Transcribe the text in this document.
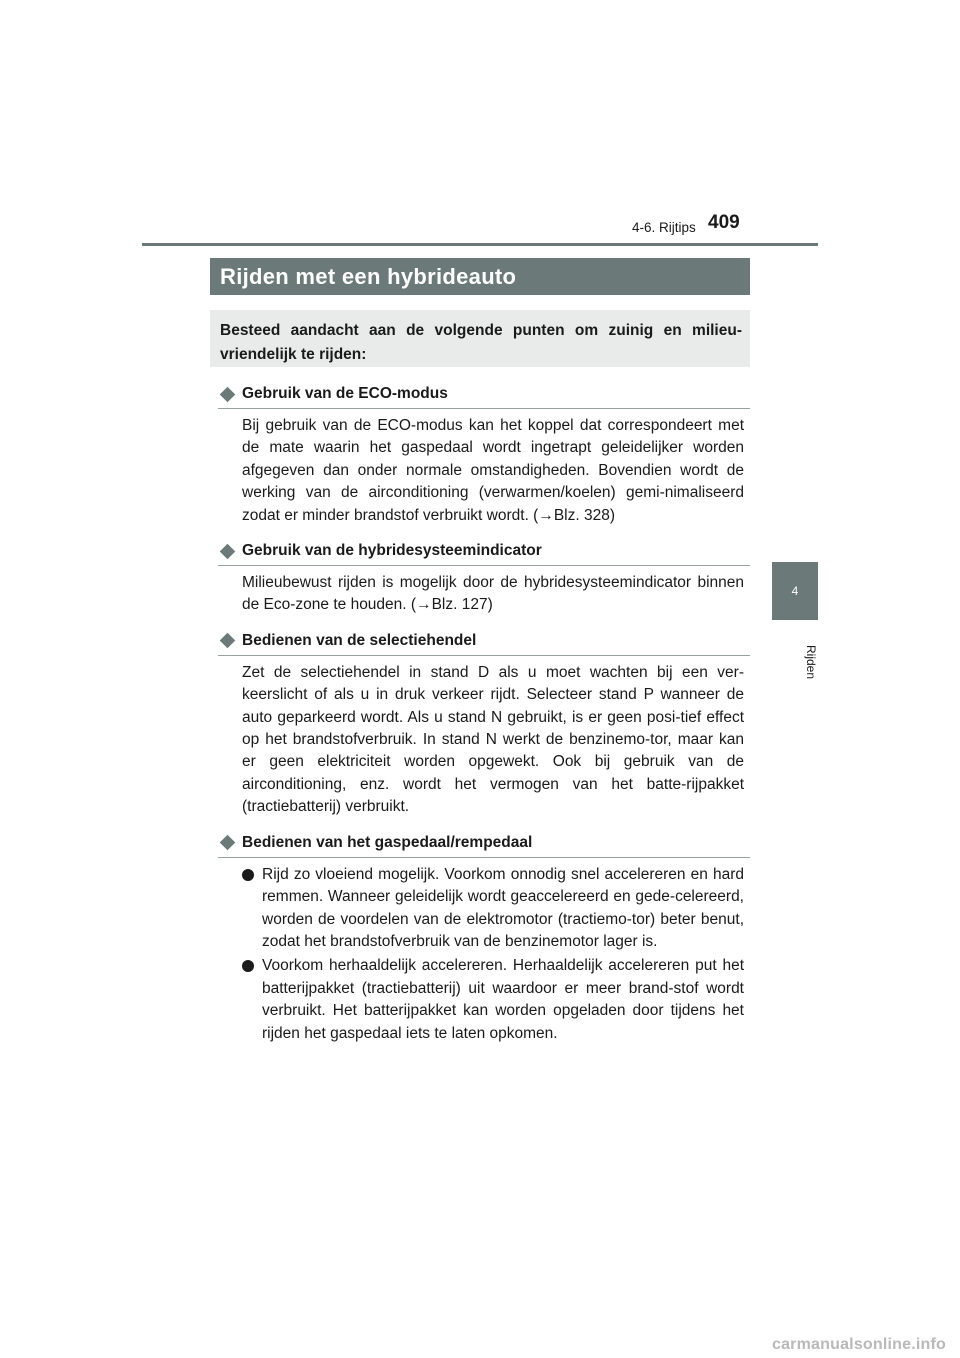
4-6. Rijtips 409
4
Rijden
Rijden met een hybrideauto
Besteed aandacht aan de volgende punten om zuinig en milieu-vriendelijk te rijden:
Gebruik van de ECO-modus

Bij gebruik van de ECO-modus kan het koppel dat correspondeert met de mate waarin het gaspedaal wordt ingetrapt geleidelijker worden afgegeven dan onder normale omstandigheden. Bovendien wordt de werking van de airconditioning (verwarmen/koelen) gemi-nimaliseerd zodat er minder brandstof verbruikt wordt. (→Blz. 328)

Gebruik van de hybridesysteemindicator

Milieubewust rijden is mogelijk door de hybridesysteemindicator binnen de Eco-zone te houden. (→Blz. 127)

Bedienen van de selectiehendel

Zet de selectiehendel in stand D als u moet wachten bij een ver-keerslicht of als u in druk verkeer rijdt. Selecteer stand P wanneer de auto geparkeerd wordt. Als u stand N gebruikt, is er geen posi-tief effect op het brandstofverbruik. In stand N werkt de benzinemo-tor, maar kan er geen elektriciteit worden opgewekt. Ook bij gebruik van de airconditioning, enz. wordt het vermogen van het batte-rijpakket (tractiebatterij) verbruikt.

Bedienen van het gaspedaal/rempedaal
Rijd zo vloeiend mogelijk. Voorkom onnodig snel accelereren en hard remmen. Wanneer geleidelijk wordt geaccelereerd en gede-celereerd, worden de voordelen van de elektromotor (tractiemo-tor) beter benut, zodat het brandstofverbruik van de benzinemotor lager is.
Voorkom herhaaldelijk accelereren. Herhaaldelijk accelereren put het batterijpakket (tractiebatterij) uit waardoor er meer brand-stof wordt verbruikt. Het batterijpakket kan worden opgeladen door tijdens het rijden het gaspedaal iets te laten opkomen.
carmanualsonline.info
